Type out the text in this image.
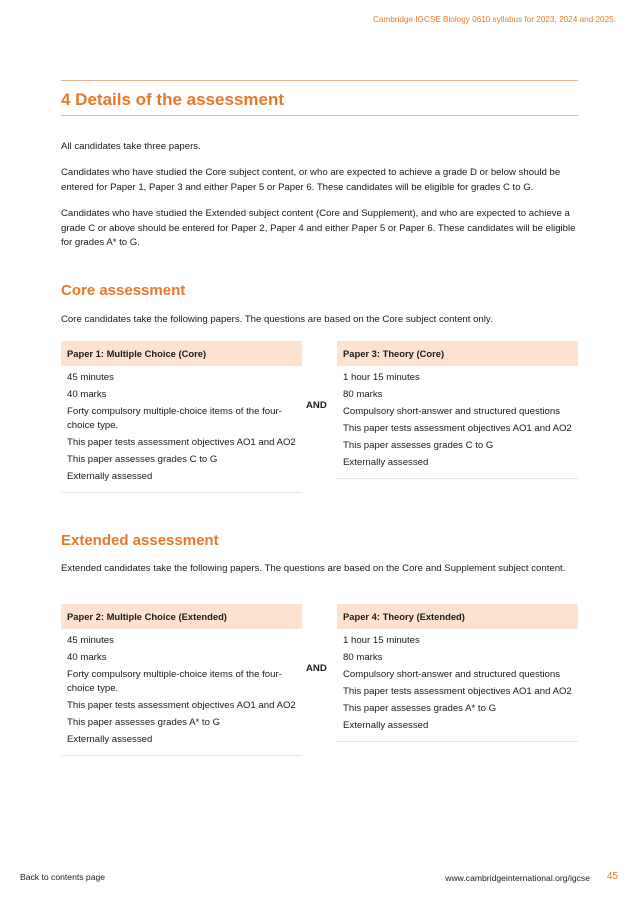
Cambridge IGCSE Biology 0610 syllabus for 2023, 2024 and 2025.
4 Details of the assessment

All candidates take three papers.

Candidates who have studied the Core subject content, or who are expected to achieve a grade D or below should be entered for Paper 1, Paper 3 and either Paper 5 or Paper 6. These candidates will be eligible for grades C to G.

Candidates who have studied the Extended subject content (Core and Supplement), and who are expected to achieve a grade C or above should be entered for Paper 2, Paper 4 and either Paper 5 or Paper 6. These candidates will be eligible for grades A* to G.

Core assessment

Core candidates take the following papers. The questions are based on the Core subject content only.

Paper 1: Multiple Choice (Core)
45 minutes
40 marks
Forty compulsory multiple-choice items of the four-choice type.
This paper tests assessment objectives AO1 and AO2
This paper assesses grades C to G
Externally assessed
AND
Paper 3: Theory (Core)
1 hour 15 minutes
80 marks
Compulsory short-answer and structured questions
This paper tests assessment objectives AO1 and AO2
This paper assesses grades C to G
Externally assessed
Extended assessment

Extended candidates take the following papers. The questions are based on the Core and Supplement subject content.

Paper 2: Multiple Choice (Extended)
45 minutes
40 marks
Forty compulsory multiple-choice items of the four-choice type.
This paper tests assessment objectives AO1 and AO2
This paper assesses grades A* to G
Externally assessed
AND
Paper 4: Theory (Extended)
1 hour 15 minutes
80 marks
Compulsory short-answer and structured questions
This paper tests assessment objectives AO1 and AO2
This paper assesses grades A* to G
Externally assessed
Back to contents page	www.cambridgeinternational.org/igcse 45
